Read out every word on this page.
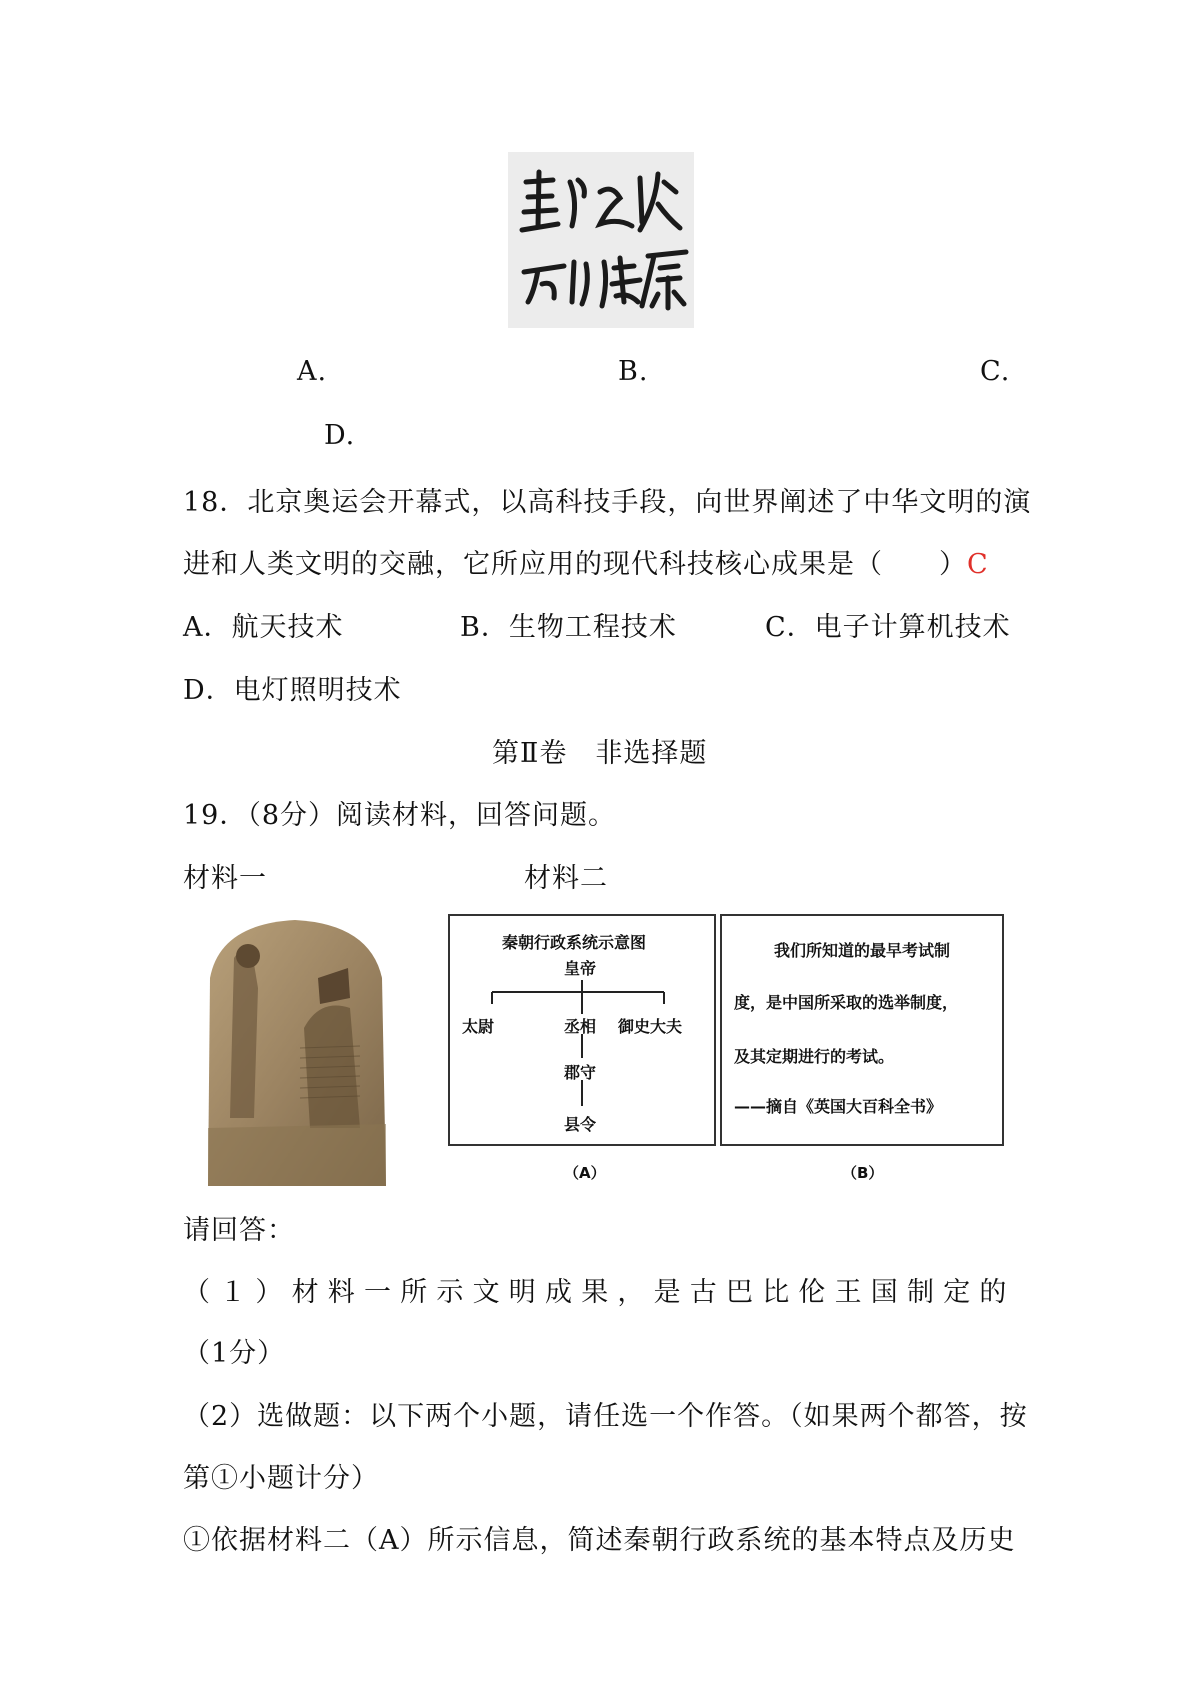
A.	B.	C.
D.
18．北京奥运会开幕式，以高科技手段，向世界阐述了中华文明的演
进和人类文明的交融，它所应用的现代科技核心成果是（　　）C
A．航天技术	B．生物工程技术	C．电子计算机技术
D．电灯照明技术
第Ⅱ卷　非选择题
19．（8分）阅读材料，回答问题。
材料一	材料二
秦朝行政系统示意图
皇帝
太尉	丞相 御史大夫
郡守
县令
我们所知道的最早考试制
度，是中国所采取的选举制度，
及其定期进行的考试。
——摘自《英国大百科全书》
（A）	（B）
请回答：
（１）材料一所示文明成果，是古巴比伦王国制定的
（1分）
（2）选做题：以下两个小题，请任选一个作答。（如果两个都答，按
第①小题计分）
①依据材料二（A）所示信息，简述秦朝行政系统的基本特点及历史
